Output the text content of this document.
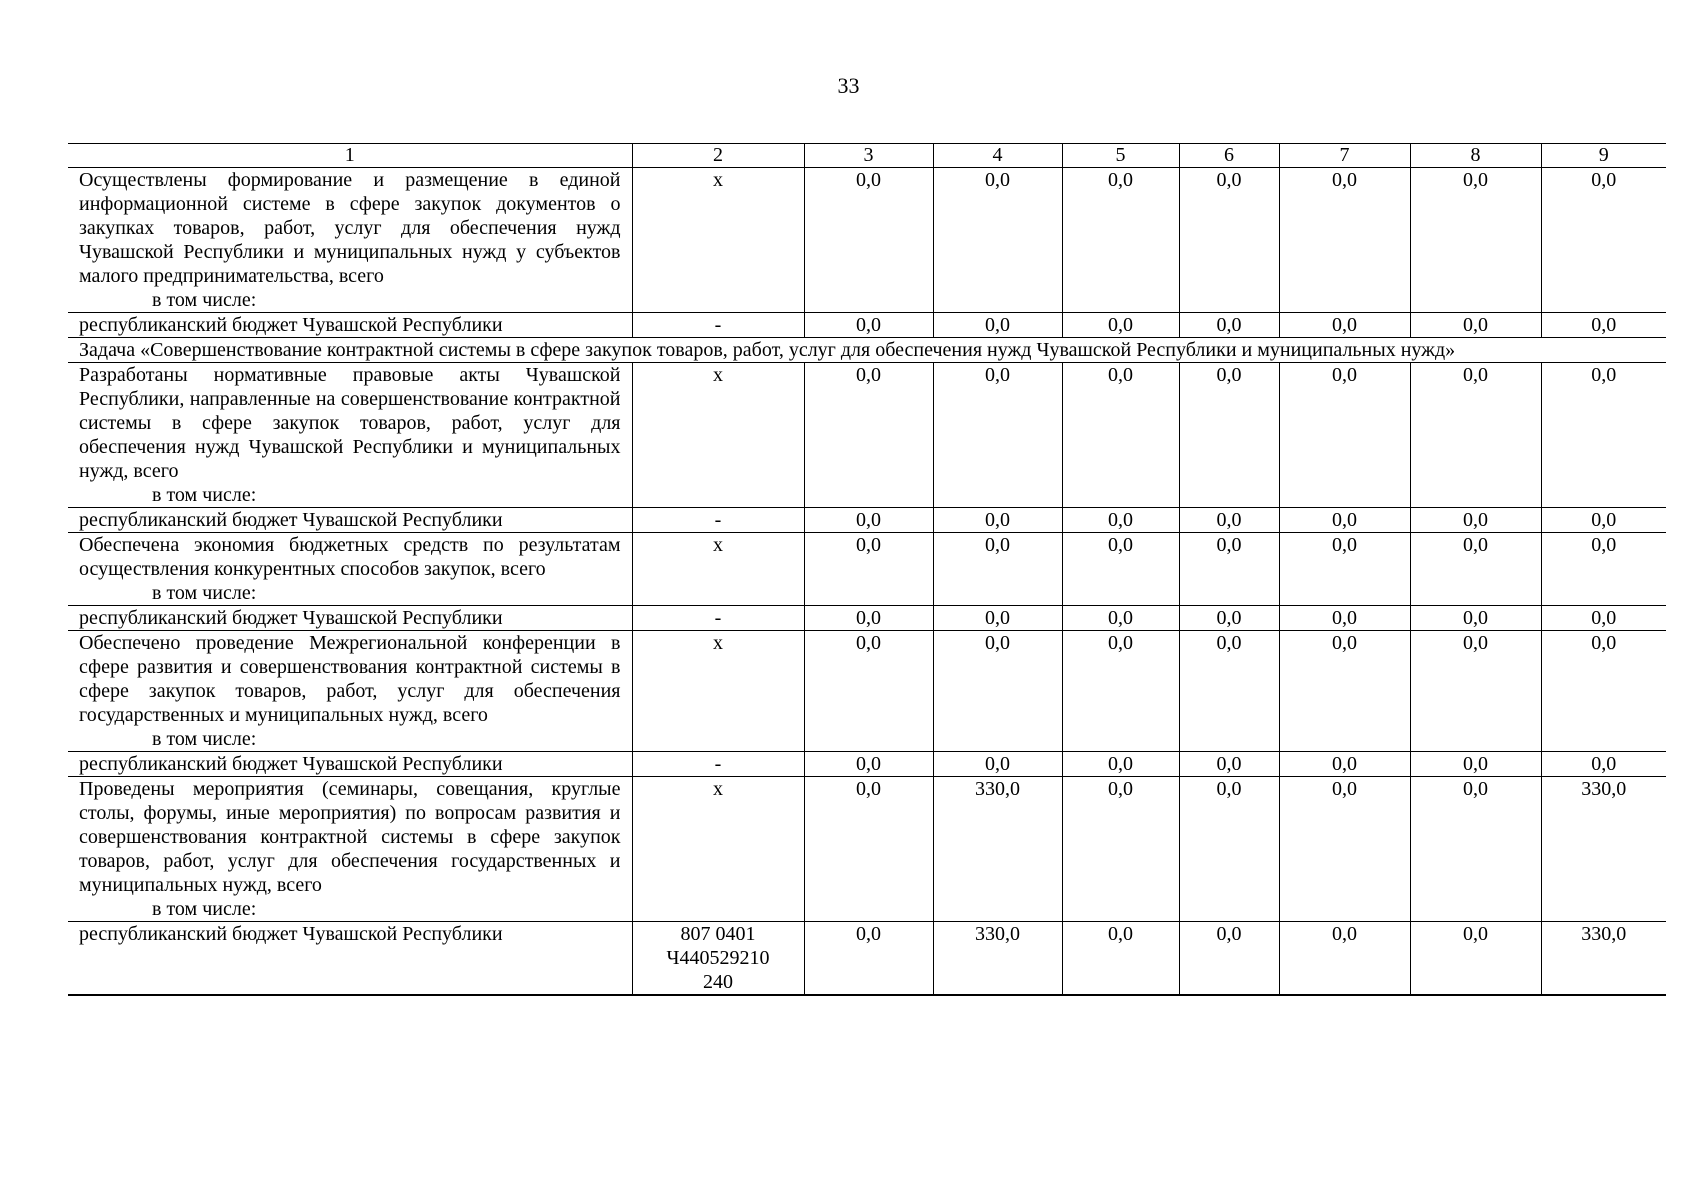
33
1	2	3	4	5	6	7	8	9

Осуществлены формирование и размещение в единой информационной системе в сфере закупок документов о закупках товаров, работ, услуг для обеспечения нужд Чувашской Республики и муниципальных нужд у субъектов малого предпринимательства, всего
в том числе:	x	0,0	0,0	0,0	0,0	0,0	0,0	0,0

республиканский бюджет Чувашской Республики	-	0,0	0,0	0,0	0,0	0,0	0,0	0,0
Задача «Совершенствование контрактной системы в сфере закупок товаров, работ, услуг для обеспечения нужд Чувашской Республики и муниципальных нужд»								

Разработаны нормативные правовые акты Чувашской Республики, направленные на совершенствование контрактной системы в сфере закупок товаров, работ, услуг для обеспечения нужд Чувашской Республики и муниципальных нужд, всего
в том числе:	x	0,0	0,0	0,0	0,0	0,0	0,0	0,0

республиканский бюджет Чувашской Республики	-	0,0	0,0	0,0	0,0	0,0	0,0	0,0

Обеспечена экономия бюджетных средств по результатам осуществления конкурентных способов закупок, всего
в том числе:	x	0,0	0,0	0,0	0,0	0,0	0,0	0,0

республиканский бюджет Чувашской Республики	-	0,0	0,0	0,0	0,0	0,0	0,0	0,0

Обеспечено проведение Межрегиональной конференции в сфере развития и совершенствования контрактной системы в сфере закупок товаров, работ, услуг для обеспечения государственных и муниципальных нужд, всего
в том числе:	x	0,0	0,0	0,0	0,0	0,0	0,0	0,0

республиканский бюджет Чувашской Республики	-	0,0	0,0	0,0	0,0	0,0	0,0	0,0

Проведены мероприятия (семинары, совещания, круглые столы, форумы, иные мероприятия) по вопросам развития и совершенствования контрактной системы в сфере закупок товаров, работ, услуг для обеспечения государственных и муниципальных нужд, всего
в том числе:	x	0,0	330,0	0,0	0,0	0,0	0,0	330,0

республиканский бюджет Чувашской Республики	807 0401
Ч440529210
240	0,0	330,0	0,0	0,0	0,0	0,0	330,0
